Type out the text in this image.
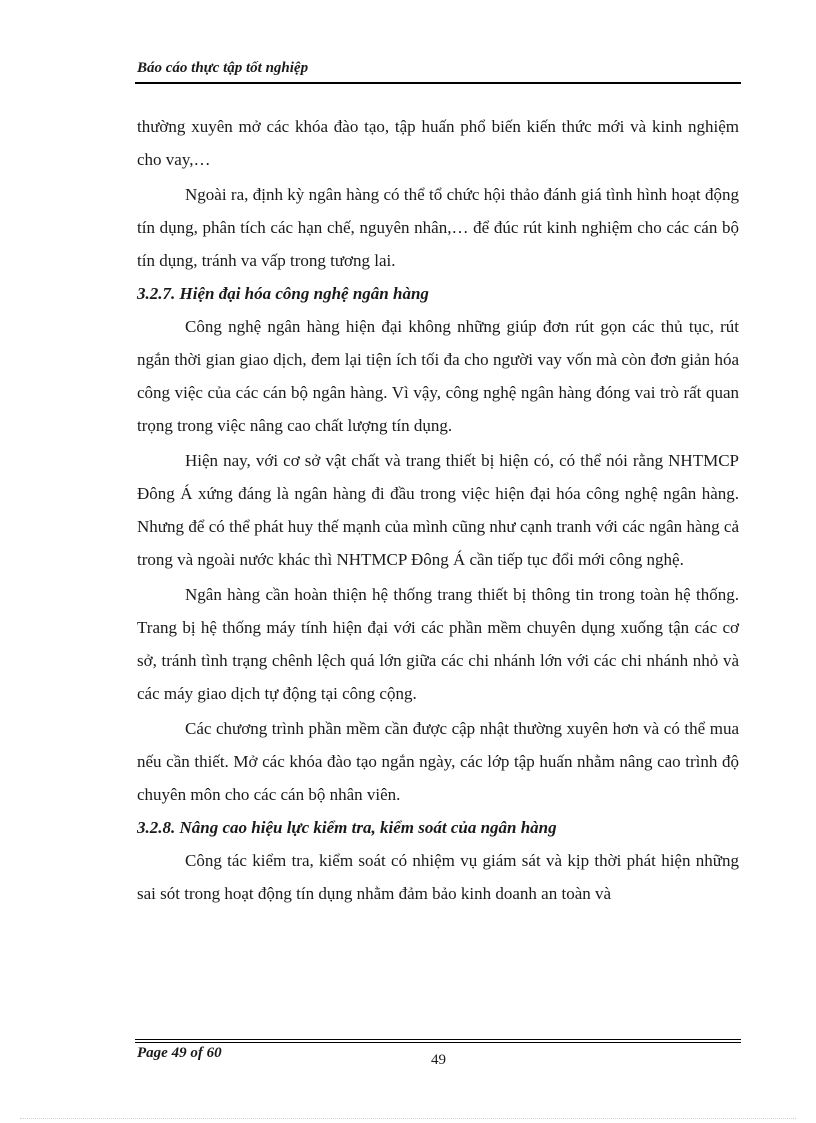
Báo cáo thực tập tốt nghiệp

thường xuyên mở các khóa đào tạo, tập huấn phổ biến kiến thức mới và kinh nghiệm cho vay,…

Ngoài ra, định kỳ ngân hàng có thể tổ chức hội thảo đánh giá tình hình hoạt động tín dụng, phân tích các hạn chế, nguyên nhân,… để đúc rút kinh nghiệm cho các cán bộ tín dụng, tránh va vấp trong tương lai.

3.2.7. Hiện đại hóa công nghệ ngân hàng

Công nghệ ngân hàng hiện đại không những giúp đơn rút gọn các thủ tục, rút ngắn thời gian giao dịch, đem lại tiện ích tối đa cho người vay vốn mà còn đơn giản hóa công việc của các cán bộ ngân hàng. Vì vậy, công nghệ ngân hàng đóng vai trò rất quan trọng trong việc nâng cao chất lượng tín dụng.

Hiện nay, với cơ sở vật chất và trang thiết bị hiện có, có thể nói rằng NHTMCP Đông Á xứng đáng là ngân hàng đi đầu trong việc hiện đại hóa công nghệ ngân hàng. Nhưng để có thể phát huy thế mạnh của mình cũng như cạnh tranh với các ngân hàng cả trong và ngoài nước khác thì NHTMCP Đông Á cần tiếp tục đổi mới công nghệ.

Ngân hàng cần hoàn thiện hệ thống trang thiết bị thông tin trong toàn hệ thống. Trang bị hệ thống máy tính hiện đại với các phần mềm chuyên dụng xuống tận các cơ sở, tránh tình trạng chênh lệch quá lớn giữa các chi nhánh lớn với các chi nhánh nhỏ và các máy giao dịch tự động tại công cộng.

Các chương trình phần mềm cần được cập nhật thường xuyên hơn và có thể mua nếu cần thiết. Mở các khóa đào tạo ngắn ngày, các lớp tập huấn nhằm nâng cao trình độ chuyên môn cho các cán bộ nhân viên.

3.2.8. Nâng cao hiệu lực kiểm tra, kiểm soát của ngân hàng

Công tác kiểm tra, kiểm soát có nhiệm vụ giám sát và kịp thời phát hiện những sai sót trong hoạt động tín dụng nhằm đảm bảo kinh doanh an toàn và

Page 49 of 60	49
